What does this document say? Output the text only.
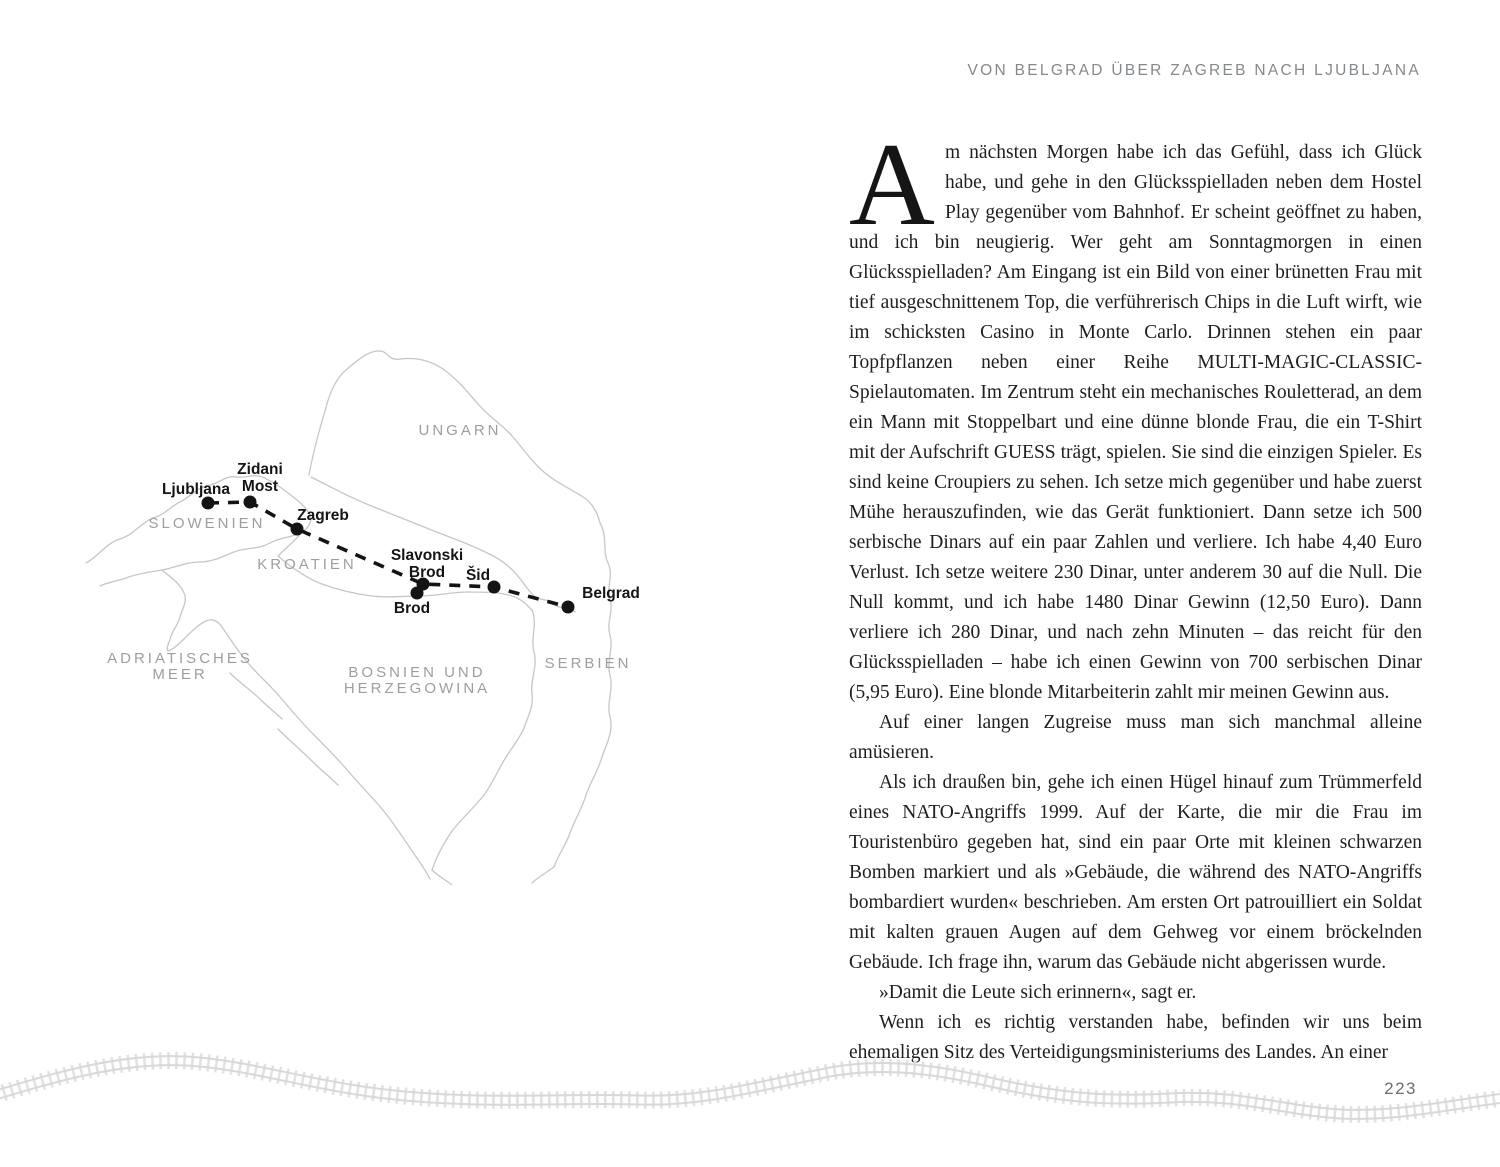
VON BELGRAD ÜBER ZAGREB NACH LJUBLJANA
UNGARN
SLOWENIEN
KROATIEN
SERBIEN
BOSNIEN UND
HERZEGOWINA
ADRIATISCHES
MEER
Ljubljana
Zidani
Most
Zagreb
Slavonski
Brod
Brod
Šid
Belgrad

Am nächsten Morgen habe ich das Gefühl, dass ich Glück habe, und gehe in den Glücksspielladen neben dem Hostel Play gegenüber vom Bahnhof. Er scheint geöffnet zu haben, und ich bin neugierig. Wer geht am Sonntagmorgen in einen Glücksspielladen? Am Eingang ist ein Bild von einer brünetten Frau mit tief ausgeschnittenem Top, die verführerisch Chips in die Luft wirft, wie im schicksten Casino in Monte Carlo. Drinnen stehen ein paar Topfpflanzen neben einer Reihe MULTI-MAGIC-CLASSIC-Spielautomaten. Im Zentrum steht ein mechanisches Rouletterad, an dem ein Mann mit Stoppelbart und eine dünne blonde Frau, die ein T-Shirt mit der Aufschrift GUESS trägt, spielen. Sie sind die einzigen Spieler. Es sind keine Croupiers zu sehen. Ich setze mich gegenüber und habe zuerst Mühe herauszufinden, wie das Gerät funktioniert. Dann setze ich 500 serbische Dinars auf ein paar Zahlen und verliere. Ich habe 4,40 Euro Verlust. Ich setze weitere 230 Dinar, unter anderem 30 auf die Null. Die Null kommt, und ich habe 1480 Dinar Gewinn (12,50 Euro). Dann verliere ich 280 Dinar, und nach zehn Minuten – das reicht für den Glücksspielladen – habe ich einen Gewinn von 700 serbischen Dinar (5,95 Euro). Eine blonde Mitarbeiterin zahlt mir meinen Gewinn aus.

Auf einer langen Zugreise muss man sich manchmal alleine amüsieren.

Als ich draußen bin, gehe ich einen Hügel hinauf zum Trümmerfeld eines NATO-Angriffs 1999. Auf der Karte, die mir die Frau im Touristenbüro gegeben hat, sind ein paar Orte mit kleinen schwarzen Bomben markiert und als »Gebäude, die während des NATO-Angriffs bombardiert wurden« beschrieben. Am ersten Ort patrouilliert ein Soldat mit kalten grauen Augen auf dem Gehweg vor einem bröckelnden Gebäude. Ich frage ihn, warum das Gebäude nicht abgerissen wurde.

»Damit die Leute sich erinnern«, sagt er.

Wenn ich es richtig verstanden habe, befinden wir uns beim ehemaligen Sitz des Verteidigungsministeriums des Landes. An einer

223
